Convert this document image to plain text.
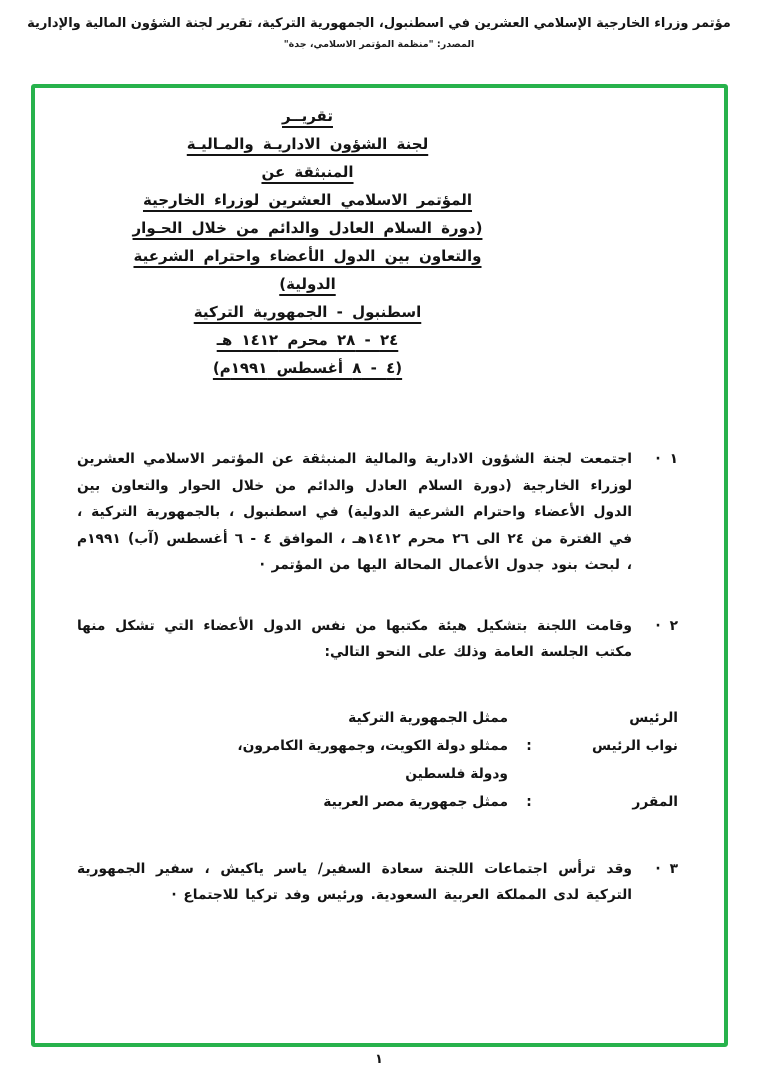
مؤتمر وزراء الخارجية الإسلامي العشرين في اسطنبول، الجمهورية التركية، تقرير لجنة الشؤون المالية والإدارية
المصدر: "منظمة المؤتمر الاسلامي، جدة"
تقريــر
لجنة الشؤون الاداريـة والمـاليـة
المنبثقة عن
المؤتمر الاسلامي العشرين لوزراء الخارجية
(دورة السلام العادل والدائم من خلال الحـوار
والتعاون بين الدول الأعضاء واحترام الشرعية
الدولية)
اسطنبول - الجمهورية التركية
٢٤ - ٢٨ محرم ١٤١٢ هـ
(٤ - ٨ أغسطس ١٩٩١م)
١
·
اجتمعت لجنة الشؤون الادارية والمالية المنبثقة عن المؤتمر الاسلامي العشرين لوزراء الخارجية (دورة السلام العادل والدائم من خلال الحوار والتعاون بين الدول الأعضاء واحترام الشرعية الدولية) في اسطنبول ، بالجمهورية التركية ، في الفترة من ٢٤ الى ٢٦ محرم ١٤١٢هـ ، الموافق ٤ - ٦ أغسطس (آب) ١٩٩١م ، لبحث بنود جدول الأعمال المحالة اليها من المؤتمر ·
٢
·
وقامت اللجنة بتشكيل هيئة مكتبها من نفس الدول الأعضاء التي تشكل منها مكتب الجلسة العامة وذلك على النحو التالي:
الرئيس
ممثل الجمهورية التركية
نواب الرئيس
:
ممثلو دولة الكويت، وجمهورية الكامرون، ودولة فلسطين
المقرر
:
ممثل جمهورية مصر العربية
٣
·
وقد ترأس اجتماعات اللجنة سعادة السفير/ ياسر ياكيش ، سفير الجمهورية التركية لدى المملكة العربية السعودية. ورئيس وفد تركيا للاجتماع ·
١
